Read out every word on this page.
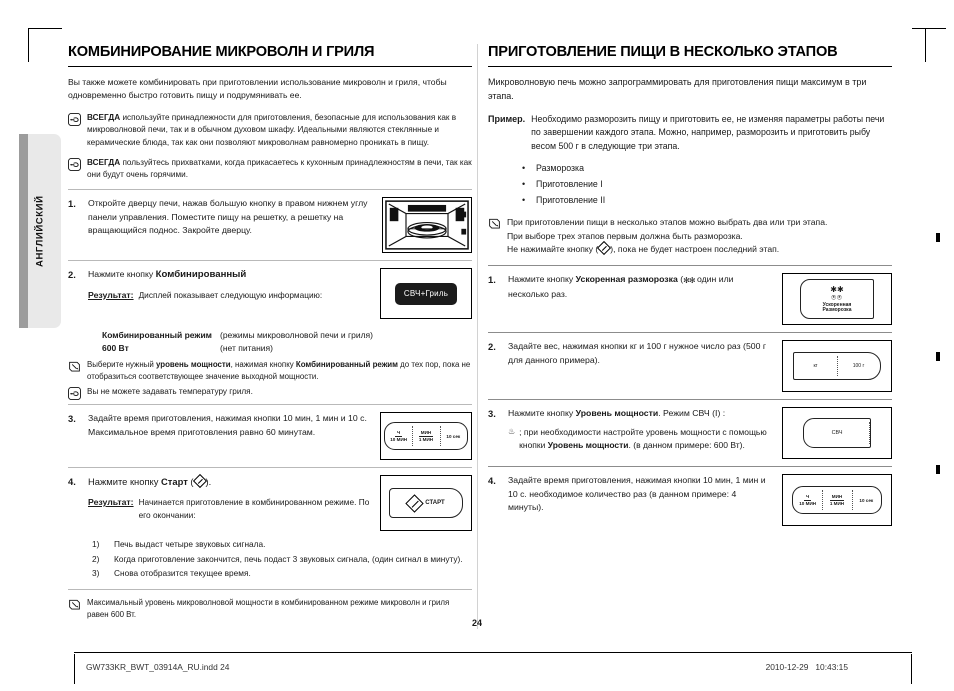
АНГЛИЙСКИЙ
КОМБИНИРОВАНИЕ МИКРОВОЛН И ГРИЛЯ

Вы также можете комбинировать при приготовлении использование микроволн и гриля, чтобы одновременно быстро готовить пищу и подрумянивать ее.

ВСЕГДА используйте принадлежности для приготовления, безопасные для использования как в микроволновой печи, так и в обычном духовом шкафу. Идеальными являются стеклянные и керамические блюда, так как они позволяют микроволнам равномерно проникать в пищу.
ВСЕГДА пользуйтесь прихватками, когда прикасаетесь к кухонным принадлежностям в печи, так как они будут очень горячими.
1.	Откройте дверцу печи, нажав большую кнопку в правом нижнем углу панели управления. Поместите пищу на решетку, а решетку на вращающийся поднос. Закройте дверцу.
2.	Нажмите кнопку Комбинированный
Результат: Дисплей показывает следующую информацию:	СВЧ+Гриль
Комбинированный режим (режимы микроволновой печи и гриля)
600 Вт	(нет питания)
Выберите нужный уровень мощности, нажимая кнопку Комбинированный режим до тех пор, пока не отобразиться соответствующее значение выходной мощности.
Вы не можете задавать температуру гриля.
3.	Задайте время приготовления, нажимая кнопки 10 мин, 1 мин и 10 с. Максимальное время приготовления равно 60 минутам.	Ч
10 МИН
МИН
1 МИН
10 сек
4.	Нажмите кнопку Старт ( ).
Результат: Начинается приготовление в комбинированном режиме. По его окончании:
СТАРТ
1) Печь выдаст четыре звуковых сигнала.
2) Когда приготовление закончится, печь подаст 3 звуковых сигнала, (один сигнал в минуту).
3) Снова отобразится текущее время.
Максимальный уровень микроволновой мощности в комбинированном режиме микроволн и гриля равен 600 Вт.
ПРИГОТОВЛЕНИЕ ПИЩИ В НЕСКОЛЬКО ЭТАПОВ

Микроволновую печь можно запрограммировать для приготовления пищи максимум в три этапа.

Пример. Необходимо разморозить пищу и приготовить ее, не изменяя параметры работы печи по завершении каждого этапа. Можно, например, разморозить и приготовить рыбу весом 500 г в следующие три этапа.
• Разморозка
• Приготовление I
• Приготовление II
При приготовлении пищи в несколько этапов можно выбрать два или три этапа.
При выборе трех этапов первым должна быть разморозка.
Не нажимайте кнопку ( ), пока не будет настроен последний этап.
1.	Нажмите кнопку Ускоренная разморозка (✻✻ один или несколько раз.	✱✱
⍟⍟
Ускоренная
Разморозка
2.	Задайте вес, нажимая кнопки кг и 100 г нужное число раз (500 г для данного примера).
кг	100 г
3.	Нажмите кнопку Уровень мощности. Режим СВЧ (I) :
♨ ; при необходимости настройте уровень мощности с помощью кнопки Уровень мощности. (в данном примере: 600 Вт).
СВЧ
4.	Задайте время приготовления, нажимая кнопки 10 мин, 1 мин и 10 с. необходимое количество раз (в данном примере: 4 минуты).
Ч
10 МИН
МИН
1 МИН
10 сек
24
GW733KR_BWT_03914A_RU.indd 24	2010-12-29 10:43:15
